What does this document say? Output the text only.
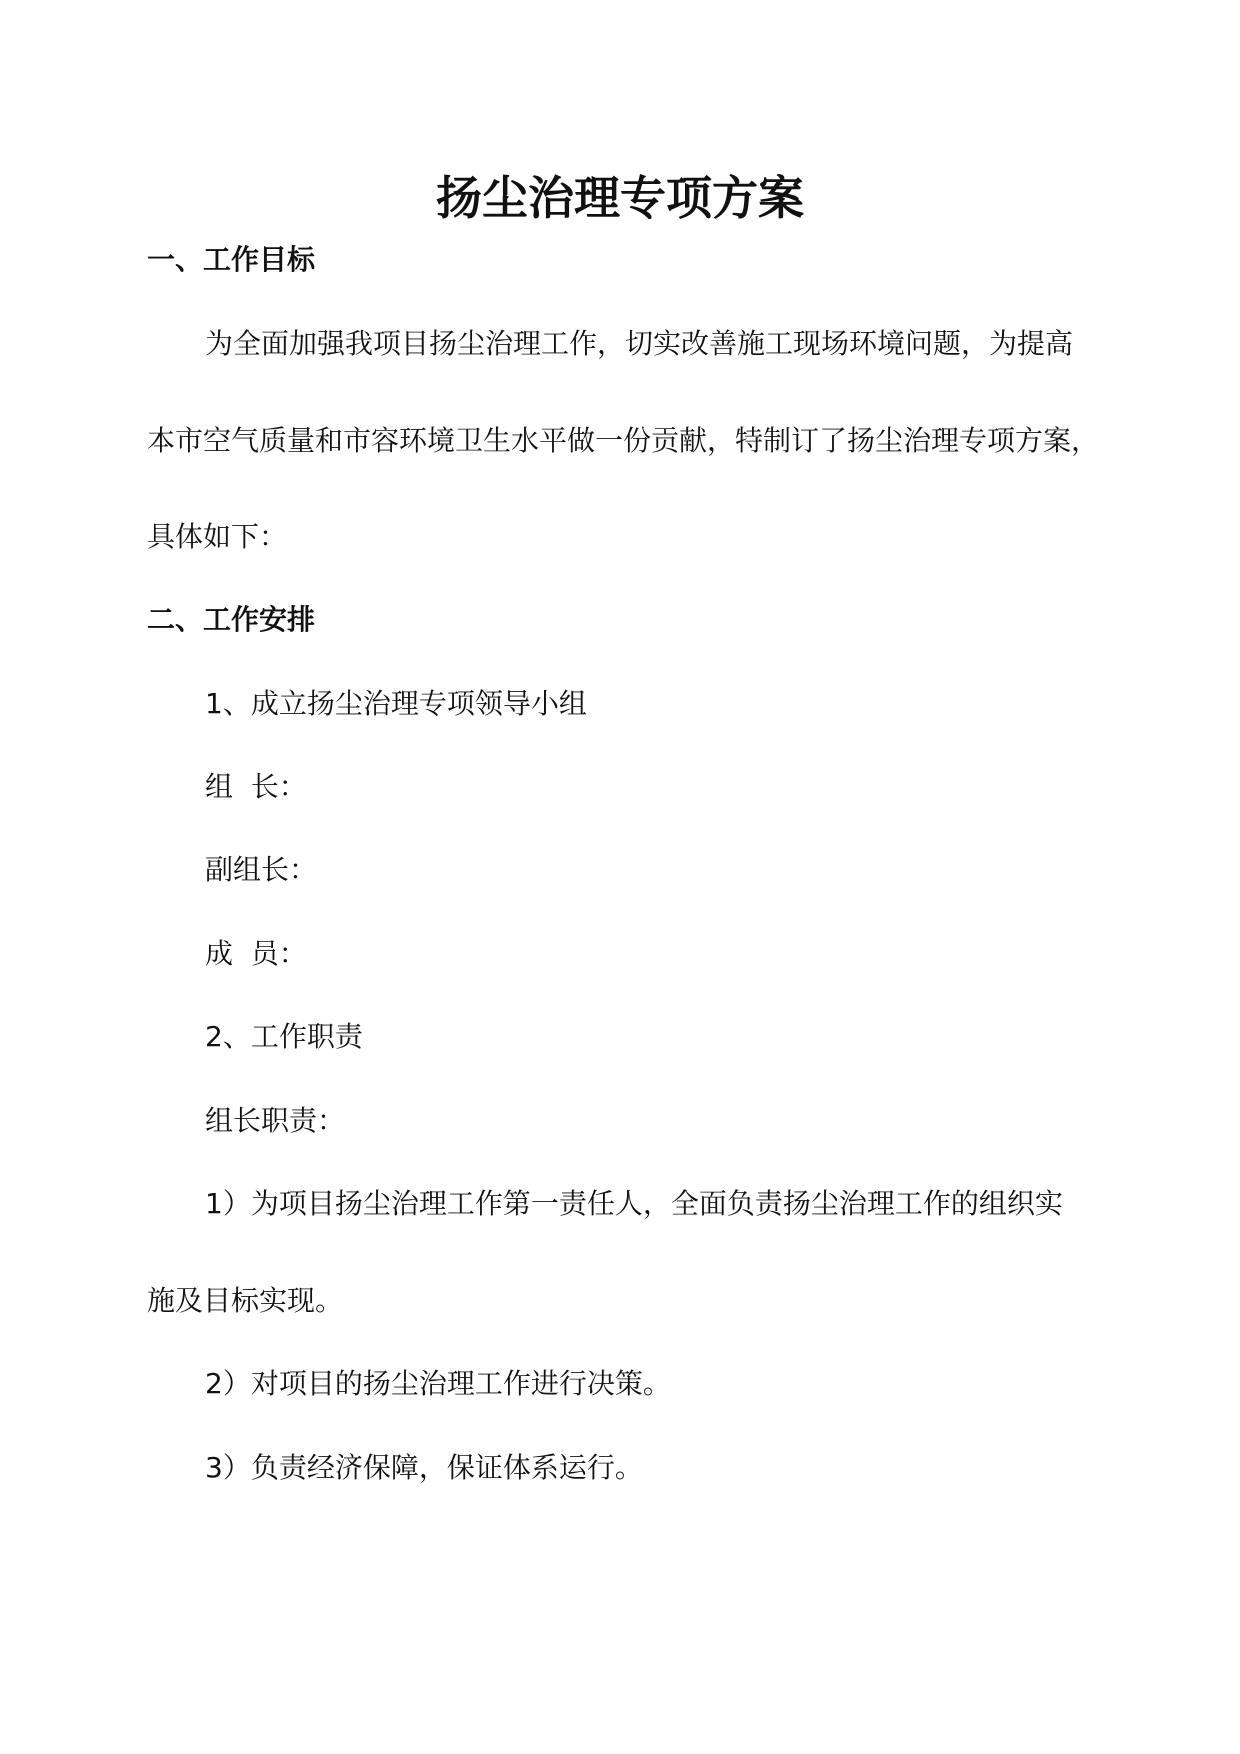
扬尘治理专项方案
一、工作目标
为全面加强我项目扬尘治理工作，切实改善施工现场环境问题，为提高
本市空气质量和市容环境卫生水平做一份贡献，特制订了扬尘治理专项方案，
具体如下：
二、工作安排
1、成立扬尘治理专项领导小组
组  长：
副组长：
成  员：
2、工作职责
组长职责：
1）为项目扬尘治理工作第一责任人，全面负责扬尘治理工作的组织实
施及目标实现。
2）对项目的扬尘治理工作进行决策。
3）负责经济保障，保证体系运行。
